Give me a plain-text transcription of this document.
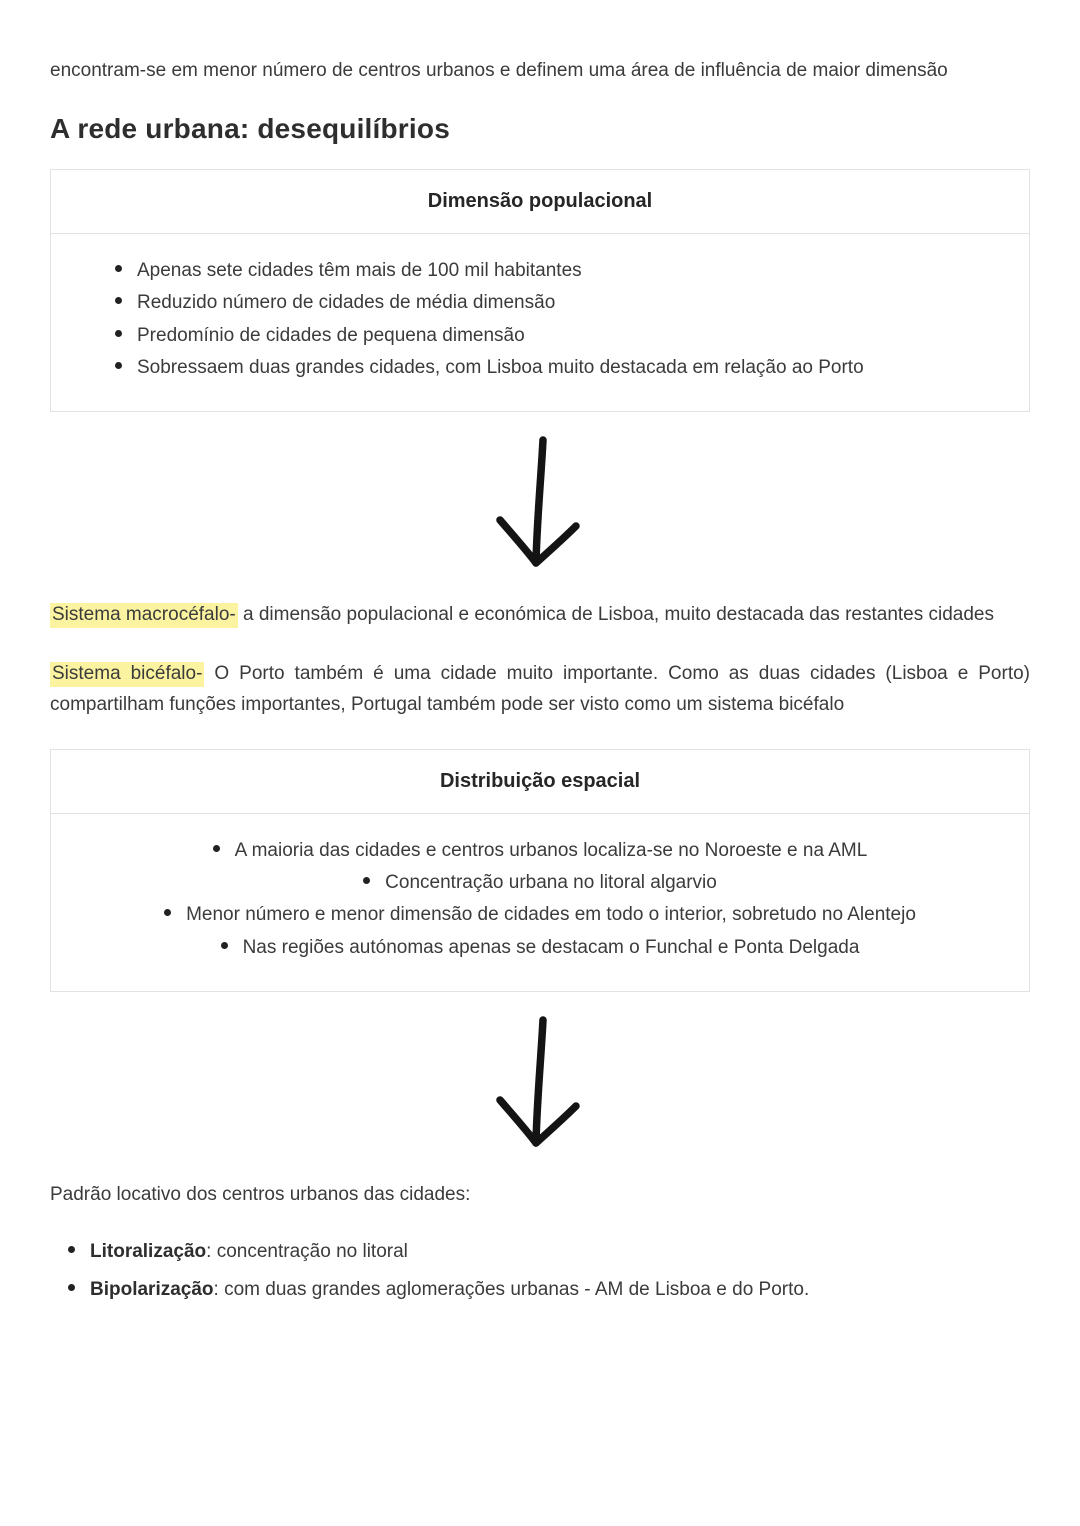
encontram-se em menor número de centros urbanos e definem uma área de influência de maior dimensão

A rede urbana: desequilíbrios
Dimensão populacional
Apenas sete cidades têm mais de 100 mil habitantes
Reduzido número de cidades de média dimensão
Predomínio de cidades de pequena dimensão
Sobressaem duas grandes cidades, com Lisboa muito destacada em relação ao Porto

Sistema macrocéfalo- a dimensão populacional e económica de Lisboa, muito destacada das restantes cidades

Sistema bicéfalo- O Porto também é uma cidade muito importante. Como as duas cidades (Lisboa e Porto) compartilham funções importantes, Portugal também pode ser visto como um sistema bicéfalo

Distribuição espacial
A maioria das cidades e centros urbanos localiza-se no Noroeste e na AML
Concentração urbana no litoral algarvio
Menor número e menor dimensão de cidades em todo o interior, sobretudo no Alentejo
Nas regiões autónomas apenas se destacam o Funchal e Ponta Delgada

Padrão locativo dos centros urbanos das cidades:

Litoralização: concentração no litoral
Bipolarização: com duas grandes aglomerações urbanas - AM de Lisboa e do Porto.
